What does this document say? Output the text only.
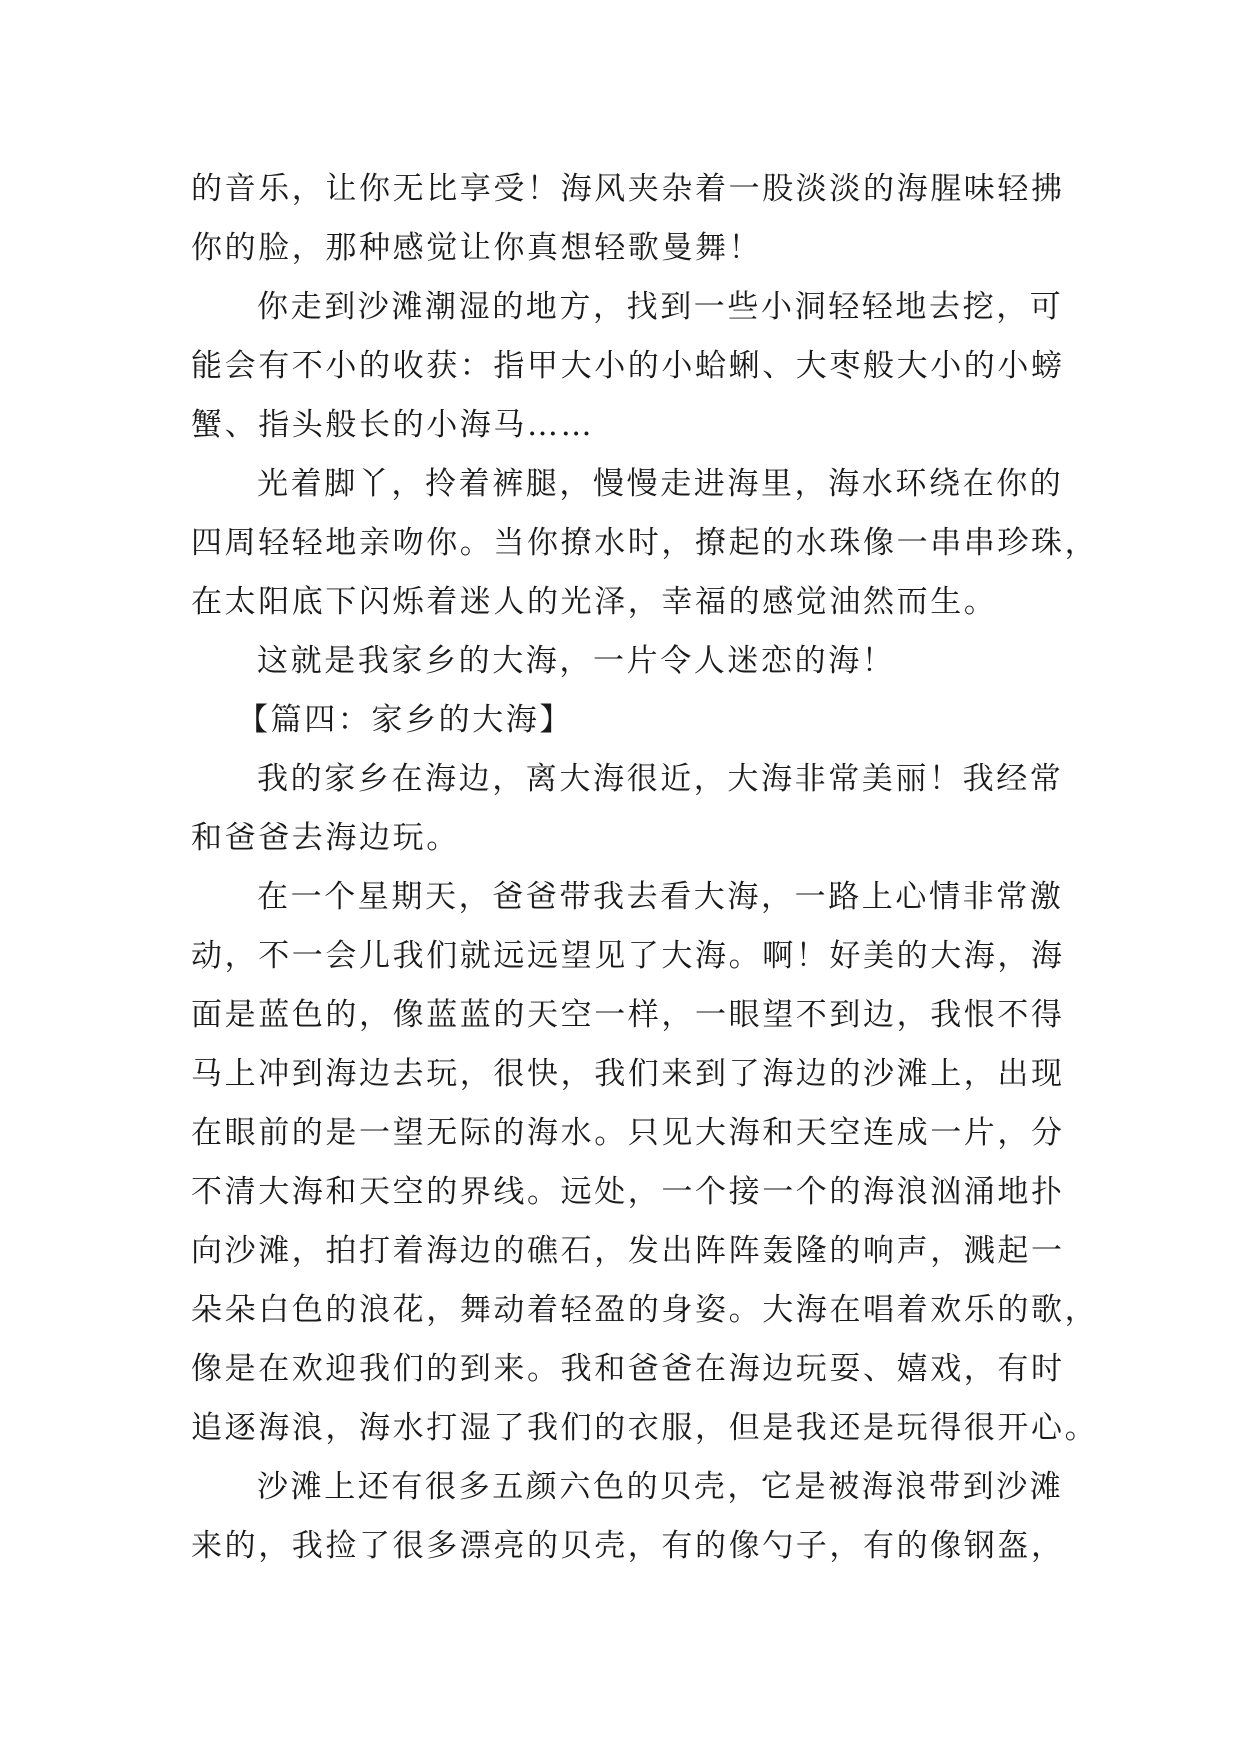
的音乐，让你无比享受！海风夹杂着一股淡淡的海腥味轻拂
你的脸，那种感觉让你真想轻歌曼舞！
你走到沙滩潮湿的地方，找到一些小洞轻轻地去挖，可
能会有不小的收获：指甲大小的小蛤蜊、大枣般大小的小螃
蟹、指头般长的小海马……
光着脚丫，拎着裤腿，慢慢走进海里，海水环绕在你的
四周轻轻地亲吻你。当你撩水时，撩起的水珠像一串串珍珠，
在太阳底下闪烁着迷人的光泽，幸福的感觉油然而生。
这就是我家乡的大海，一片令人迷恋的海！
【篇四：家乡的大海】
我的家乡在海边，离大海很近，大海非常美丽！我经常
和爸爸去海边玩。
在一个星期天，爸爸带我去看大海，一路上心情非常激
动，不一会儿我们就远远望见了大海。啊！好美的大海，海
面是蓝色的，像蓝蓝的天空一样，一眼望不到边，我恨不得
马上冲到海边去玩，很快，我们来到了海边的沙滩上，出现
在眼前的是一望无际的海水。只见大海和天空连成一片，分
不清大海和天空的界线。远处，一个接一个的海浪汹涌地扑
向沙滩，拍打着海边的礁石，发出阵阵轰隆的响声，溅起一
朵朵白色的浪花，舞动着轻盈的身姿。大海在唱着欢乐的歌，
像是在欢迎我们的到来。我和爸爸在海边玩耍、嬉戏，有时
追逐海浪，海水打湿了我们的衣服，但是我还是玩得很开心。
沙滩上还有很多五颜六色的贝壳，它是被海浪带到沙滩
来的，我捡了很多漂亮的贝壳，有的像勺子，有的像钢盔，
